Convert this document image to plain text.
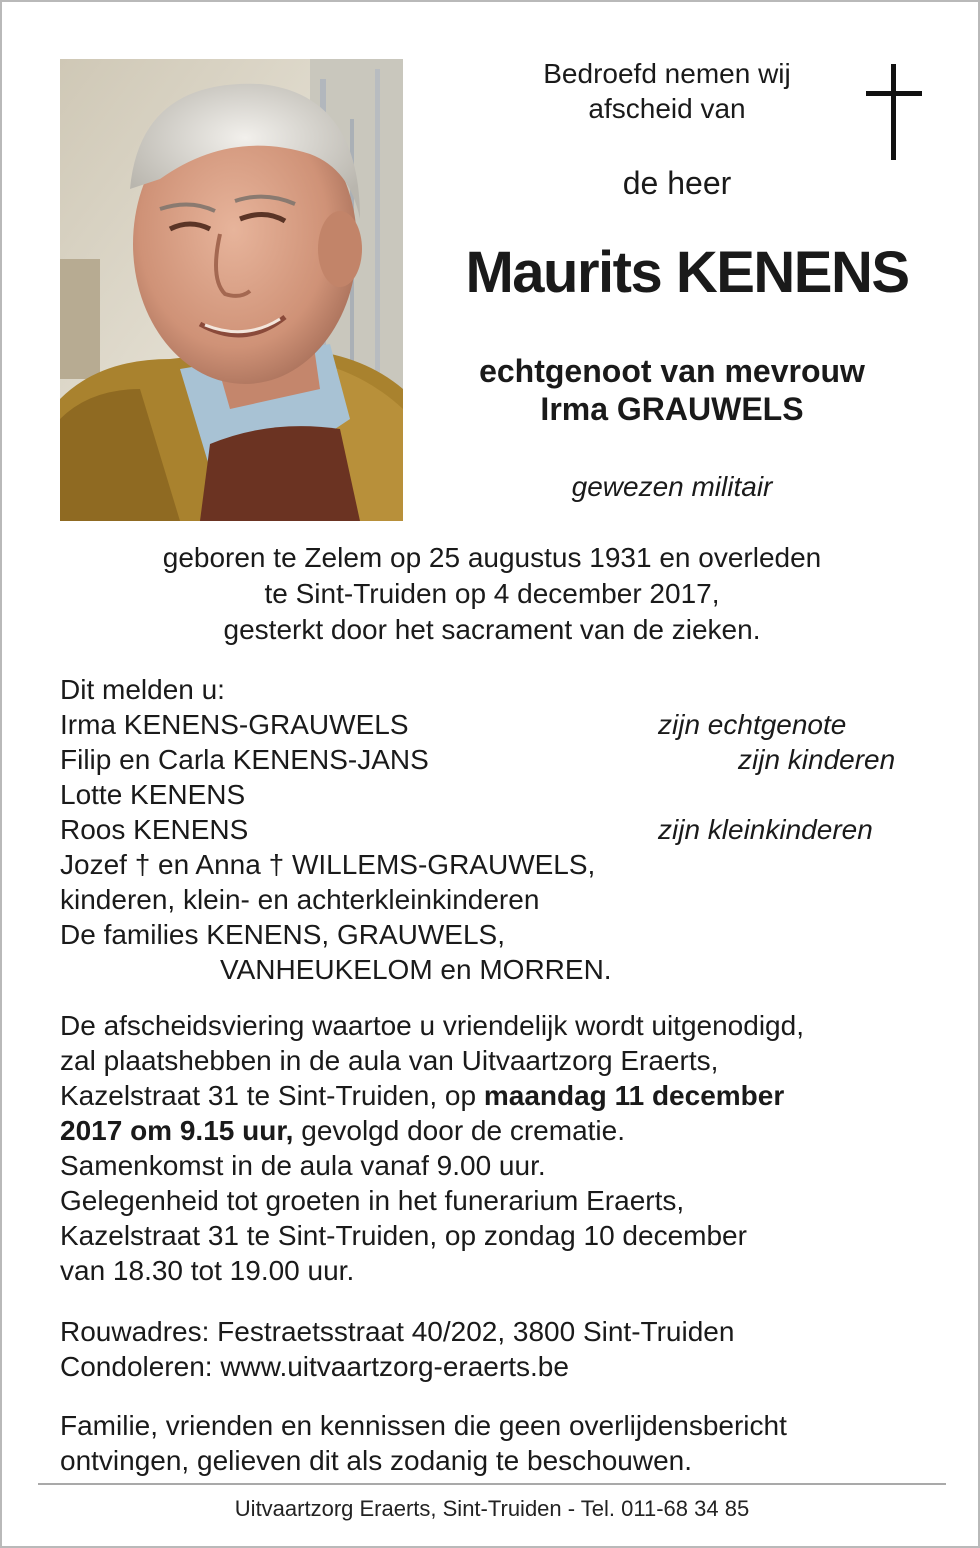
Bedroefd nemen wij
afscheid van
de heer
Maurits KENENS
echtgenoot van mevrouw
Irma GRAUWELS
gewezen militair
geboren te Zelem op 25 augustus 1931 en overleden
te Sint-Truiden op 4 december 2017,
gesterkt door het sacrament van de zieken.
Dit melden u:
Irma KENENS-GRAUWELS	zijn echtgenote
Filip en Carla KENENS-JANS	zijn kinderen
Lotte KENENS
Roos KENENS	zijn kleinkinderen
Jozef † en Anna † WILLEMS-GRAUWELS,
kinderen, klein- en achterkleinkinderen
De families KENENS, GRAUWELS,
VANHEUKELOM en MORREN.
De afscheidsviering waartoe u vriendelijk wordt uitgenodigd,
zal plaatshebben in de aula van Uitvaartzorg Eraerts,
Kazelstraat 31 te Sint-Truiden, op maandag 11 december
2017 om 9.15 uur, gevolgd door de crematie.
Samenkomst in de aula vanaf 9.00 uur.
Gelegenheid tot groeten in het funerarium Eraerts,
Kazelstraat 31 te Sint-Truiden, op zondag 10 december
van 18.30 tot 19.00 uur.
Rouwadres: Festraetsstraat 40/202, 3800 Sint-Truiden
Condoleren: www.uitvaartzorg-eraerts.be
Familie, vrienden en kennissen die geen overlijdensbericht
ontvingen, gelieven dit als zodanig te beschouwen.
Uitvaartzorg Eraerts, Sint-Truiden - Tel. 011-68 34 85
